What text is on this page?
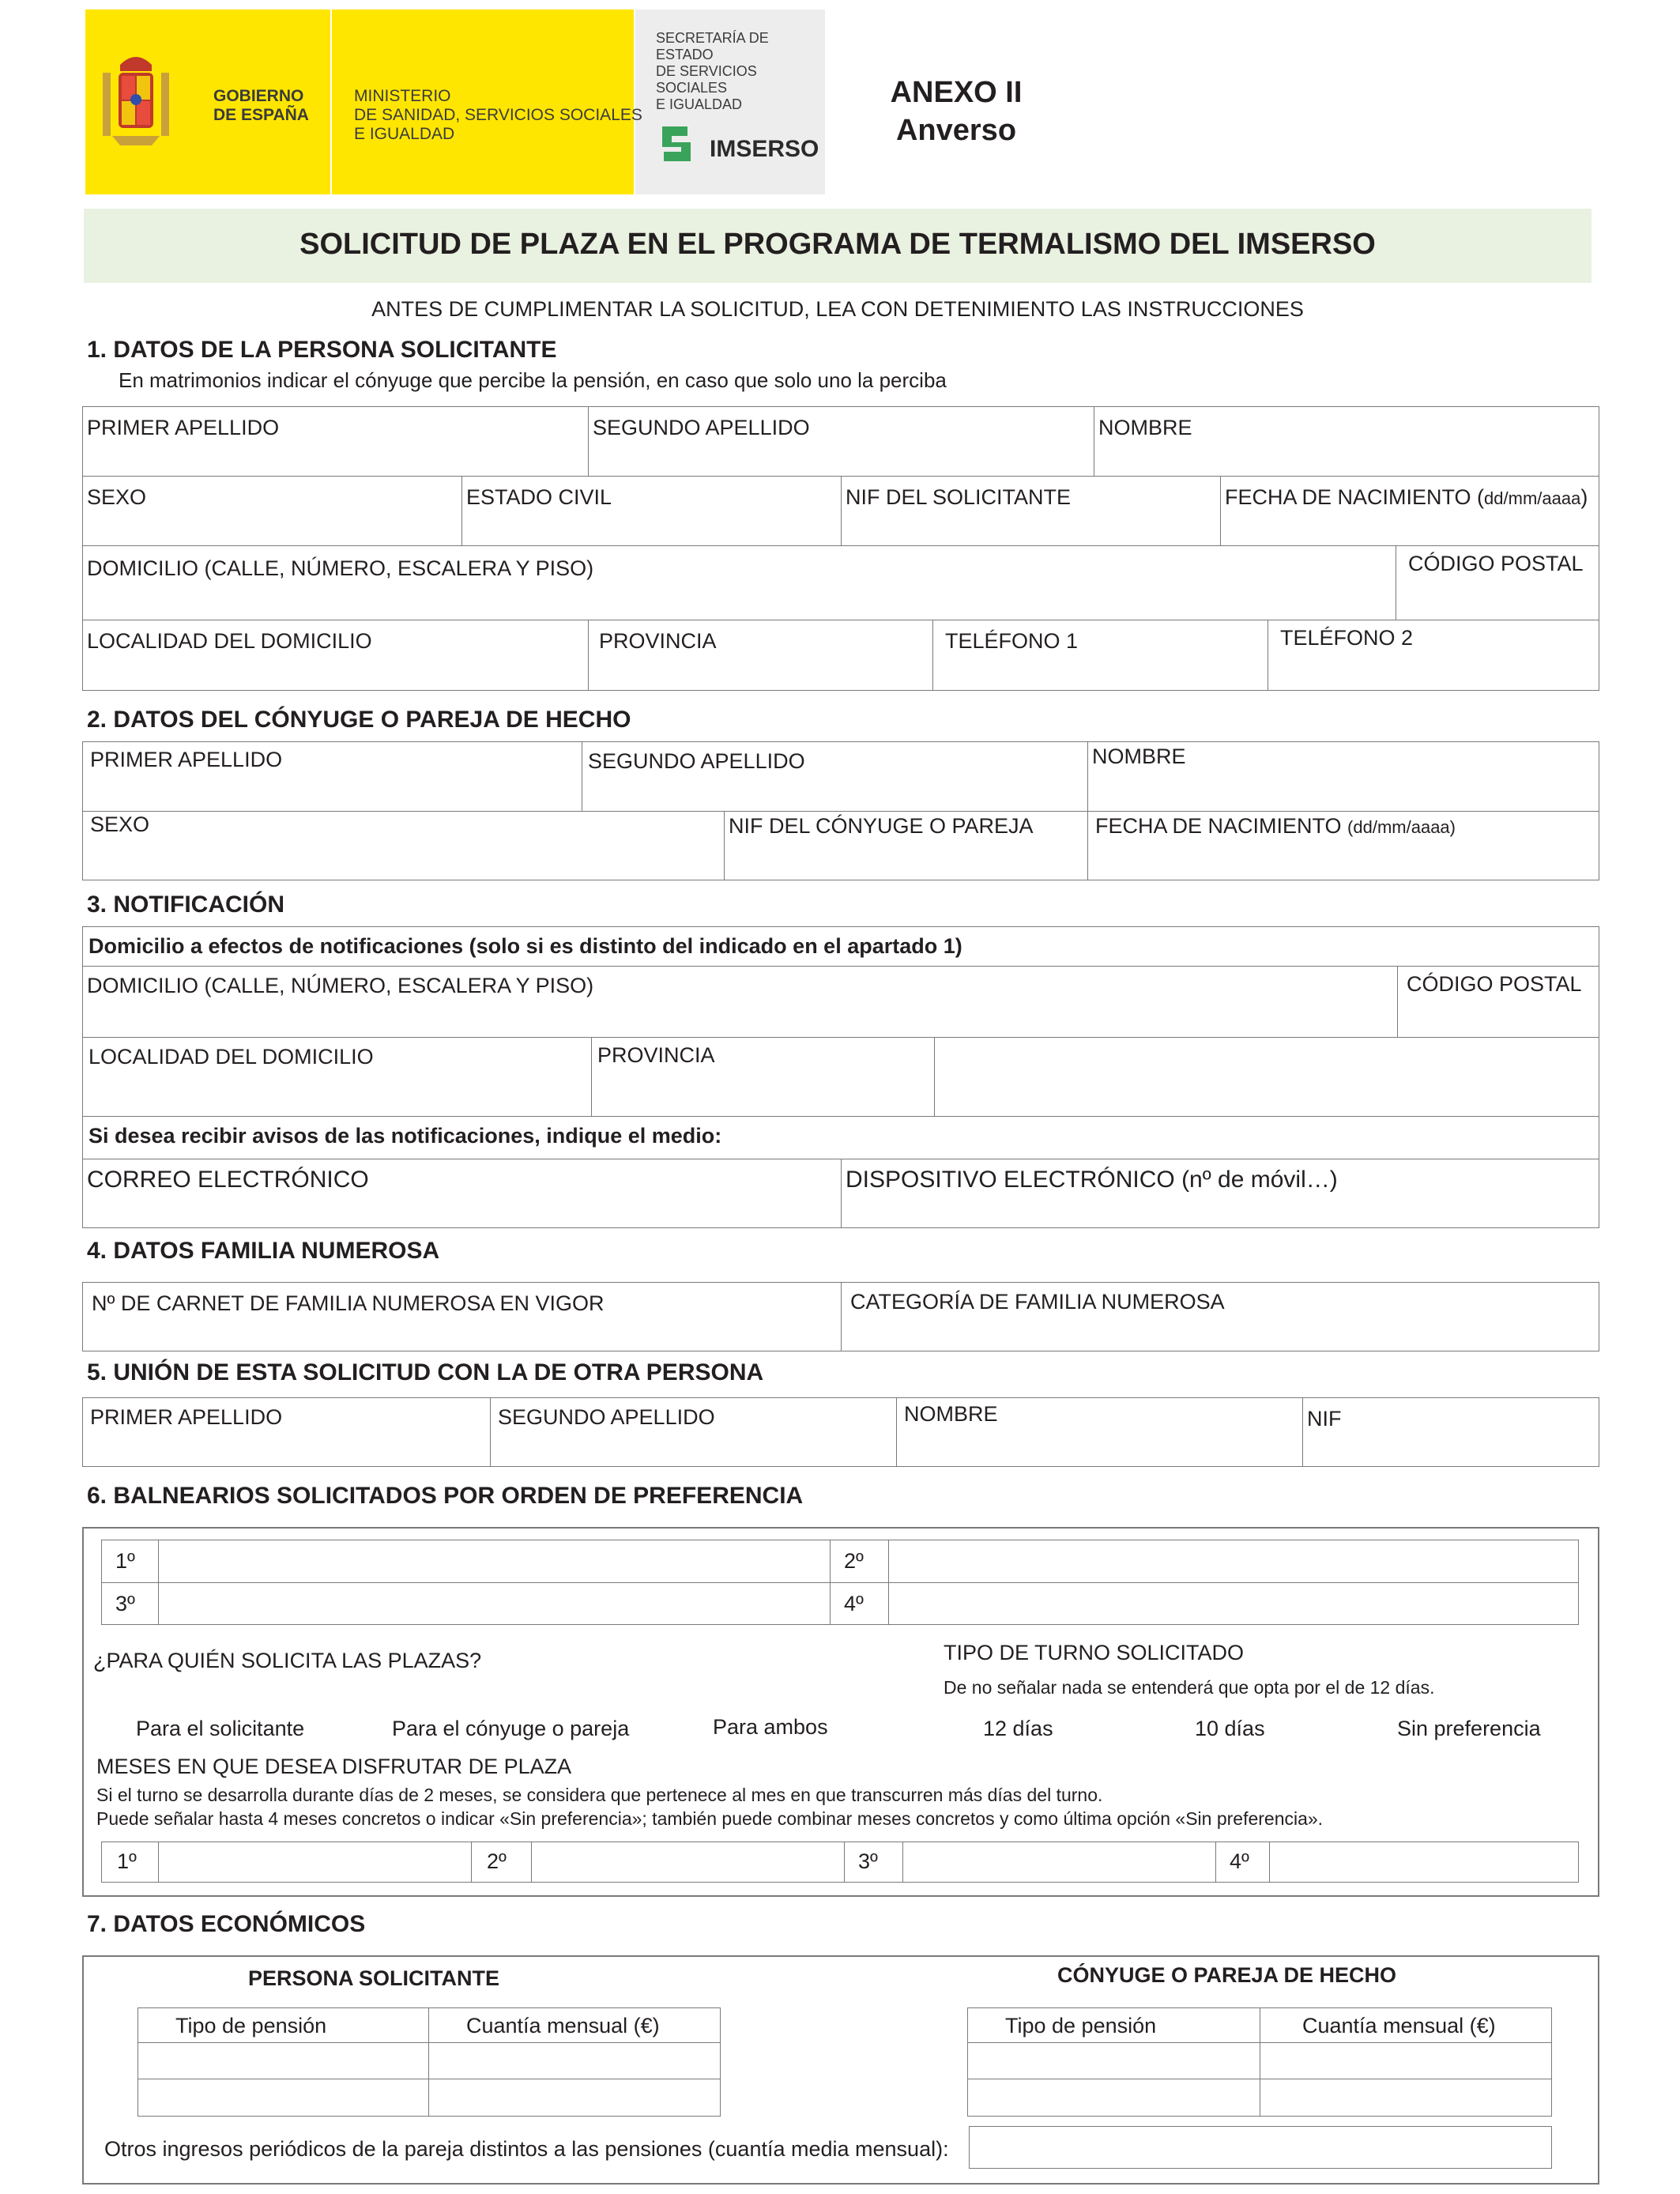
GOBIERNO
DE ESPAÑA
MINISTERIO
DE SANIDAD, SERVICIOS SOCIALES
E IGUALDAD
SECRETARÍA DE ESTADO
DE SERVICIOS SOCIALES
E IGUALDAD
IMSERSO
ANEXO II
Anverso
SOLICITUD DE PLAZA EN EL PROGRAMA DE TERMALISMO DEL IMSERSO
ANTES DE CUMPLIMENTAR LA SOLICITUD, LEA CON DETENIMIENTO LAS INSTRUCCIONES
1. DATOS DE LA PERSONA SOLICITANTE
En matrimonios indicar el cónyuge que percibe la pensión, en caso que solo uno la perciba
PRIMER APELLIDO	SEGUNDO APELLIDO	NOMBRE
SEXO	ESTADO CIVIL	NIF DEL SOLICITANTE	FECHA DE NACIMIENTO (dd/mm/aaaa)
DOMICILIO (CALLE, NÚMERO, ESCALERA Y PISO)	CÓDIGO POSTAL
LOCALIDAD DEL DOMICILIO	PROVINCIA	TELÉFONO 1	TELÉFONO 2
2. DATOS DEL CÓNYUGE O PAREJA DE HECHO
PRIMER APELLIDO	SEGUNDO APELLIDO	NOMBRE
SEXO	NIF DEL CÓNYUGE O PAREJA	FECHA DE NACIMIENTO (dd/mm/aaaa)
3. NOTIFICACIÓN
Domicilio a efectos de notificaciones (solo si es distinto del indicado en el apartado 1)
DOMICILIO (CALLE, NÚMERO, ESCALERA Y PISO)	CÓDIGO POSTAL
LOCALIDAD DEL DOMICILIO	PROVINCIA
Si desea recibir avisos de las notificaciones, indique el medio:
CORREO ELECTRÓNICO	DISPOSITIVO ELECTRÓNICO (nº de móvil…)
4. DATOS FAMILIA NUMEROSA
Nº DE CARNET DE FAMILIA NUMEROSA EN VIGOR	CATEGORÍA DE FAMILIA NUMEROSA
5. UNIÓN DE ESTA SOLICITUD CON LA DE OTRA PERSONA
PRIMER APELLIDO	SEGUNDO APELLIDO	NOMBRE	NIF
6. BALNEARIOS SOLICITADOS POR ORDEN DE PREFERENCIA
1º	2º
3º	4º
¿PARA QUIÉN SOLICITA LAS PLAZAS?	TIPO DE TURNO SOLICITADO
De no señalar nada se entenderá que opta por el de 12 días.
Para el solicitante	Para el cónyuge o pareja	Para ambos	12 días	10 días	Sin preferencia
MESES EN QUE DESEA DISFRUTAR DE PLAZA
Si el turno se desarrolla durante días de 2 meses, se considera que pertenece al mes en que transcurren más días del turno.
Puede señalar hasta 4 meses concretos o indicar «Sin preferencia»; también puede combinar meses concretos y como última opción «Sin preferencia».
1º	2º	3º	4º
7. DATOS ECONÓMICOS
PERSONA SOLICITANTE	CÓNYUGE O PAREJA DE HECHO
Tipo de pensión	Cuantía mensual (€)	Tipo de pensión	Cuantía mensual (€)
Otros ingresos periódicos de la pareja distintos a las pensiones (cuantía media mensual):
